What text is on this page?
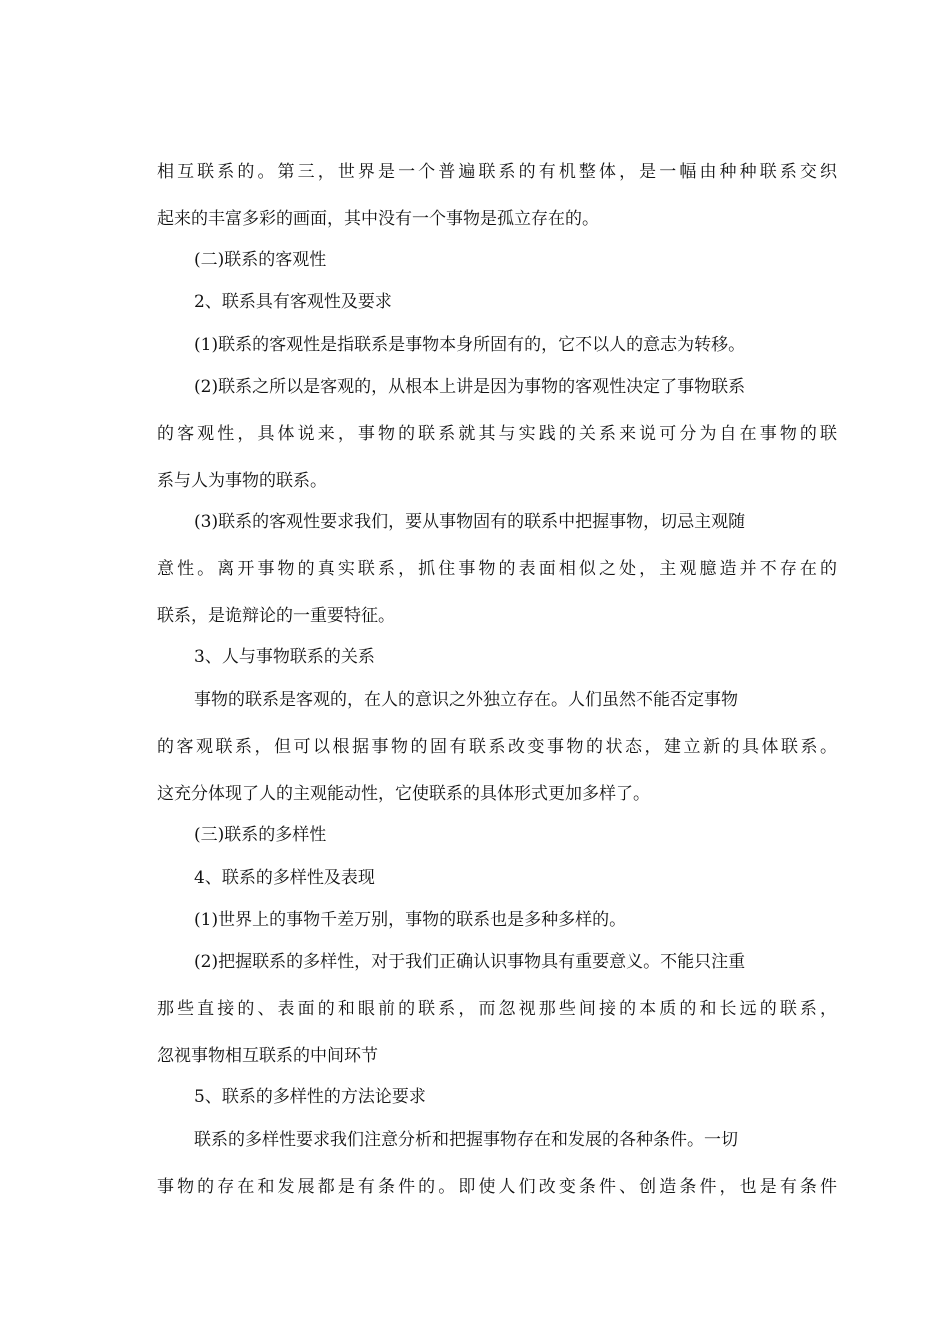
相互联系的。第三，世界是一个普遍联系的有机整体，是一幅由种种联系交织
起来的丰富多彩的画面，其中没有一个事物是孤立存在的。
(二)联系的客观性
2、联系具有客观性及要求
(1)联系的客观性是指联系是事物本身所固有的，它不以人的意志为转移。
(2)联系之所以是客观的，从根本上讲是因为事物的客观性决定了事物联系
的客观性，具体说来，事物的联系就其与实践的关系来说可分为自在事物的联
系与人为事物的联系。
(3)联系的客观性要求我们，要从事物固有的联系中把握事物，切忌主观随
意性。离开事物的真实联系，抓住事物的表面相似之处，主观臆造并不存在的
联系，是诡辩论的一重要特征。
3、人与事物联系的关系
事物的联系是客观的，在人的意识之外独立存在。人们虽然不能否定事物
的客观联系，但可以根据事物的固有联系改变事物的状态，建立新的具体联系。
这充分体现了人的主观能动性，它使联系的具体形式更加多样了。
(三)联系的多样性
4、联系的多样性及表现
(1)世界上的事物千差万别，事物的联系也是多种多样的。
(2)把握联系的多样性，对于我们正确认识事物具有重要意义。不能只注重
那些直接的、表面的和眼前的联系，而忽视那些间接的本质的和长远的联系，
忽视事物相互联系的中间环节
5、联系的多样性的方法论要求
联系的多样性要求我们注意分析和把握事物存在和发展的各种条件。一切
事物的存在和发展都是有条件的。即使人们改变条件、创造条件，也是有条件
